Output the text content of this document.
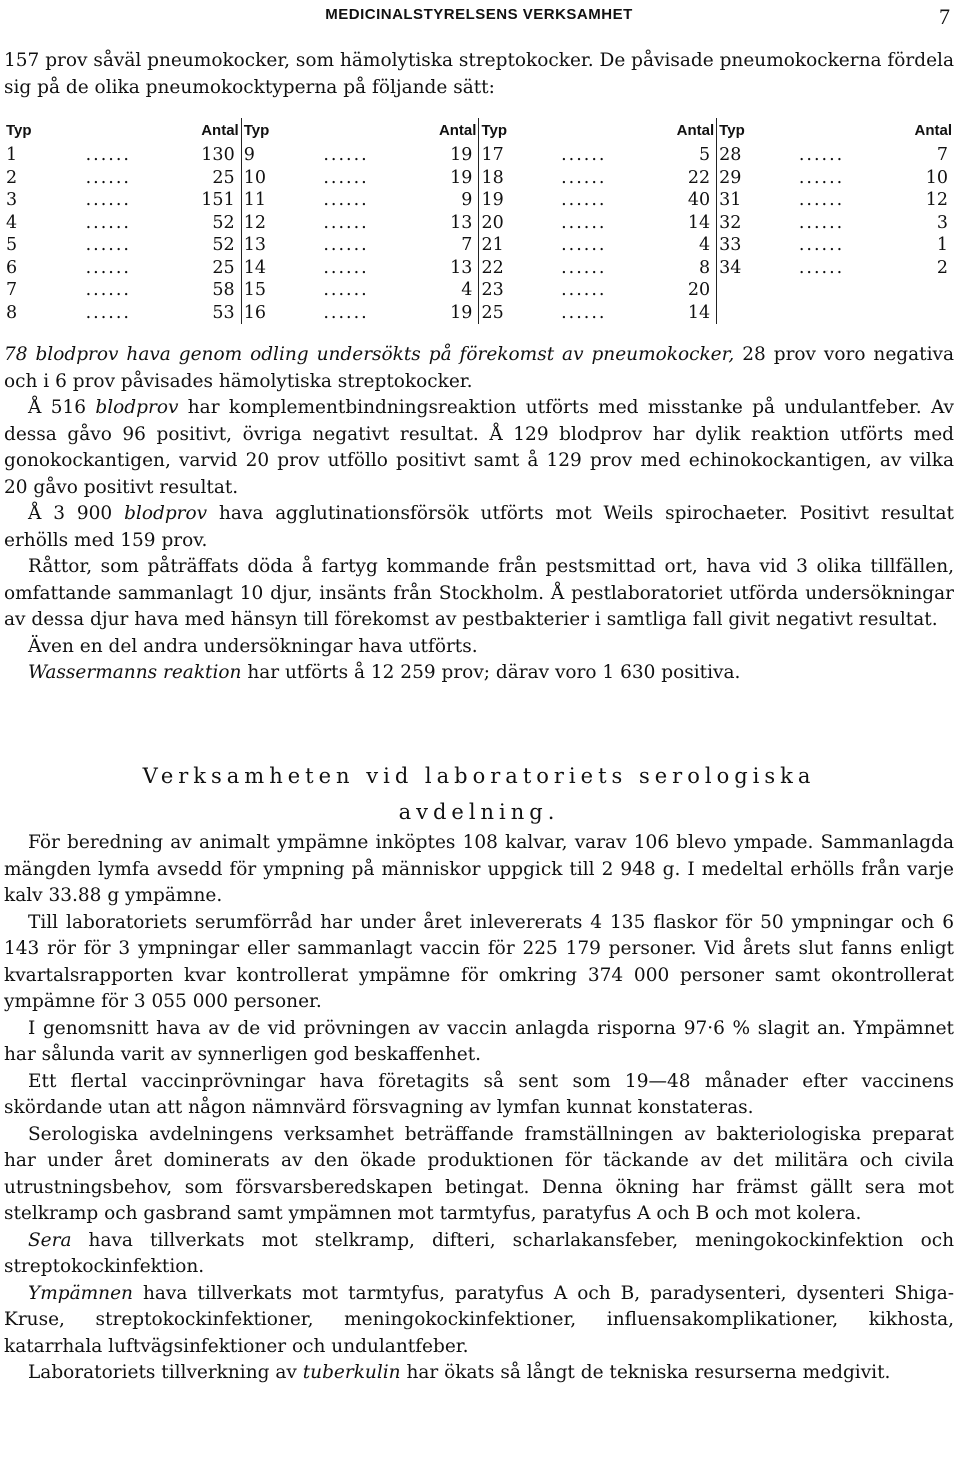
MEDICINALSTYRELSENS VERKSAMHET	7

157 prov såväl pneumokocker, som hämolytiska streptokocker. De påvisade pneumokockerna fördela sig på de olika pneumokocktyperna på följande sätt:

Typ		Antal	Typ		Antal	Typ		Antal	Typ		Antal
1	......	130	9	......	19	17	......	5	28	......	7
2	......	25	10	......	19	18	......	22	29	......	10
3	......	151	11	......	9	19	......	40	31	......	12
4	......	52	12	......	13	20	......	14	32	......	3
5	......	52	13	......	7	21	......	4	33	......	1
6	......	25	14	......	13	22	......	8	34	......	2
7	......	58	15	......	4	23	......	20			
8	......	53	16	......	19	25	......	14			

78 blodprov hava genom odling undersökts på förekomst av pneumokocker, 28 prov voro negativa och i 6 prov påvisades hämolytiska streptokocker.

Å 516 blodprov har komplementbindningsreaktion utförts med misstanke på undulantfeber. Av dessa gåvo 96 positivt, övriga negativt resultat. Å 129 blodprov har dylik reaktion utförts med gonokockantigen, varvid 20 prov utföllo positivt samt å 129 prov med echinokockantigen, av vilka 20 gåvo positivt resultat.

Å 3 900 blodprov hava agglutinationsförsök utförts mot Weils spirochaeter. Positivt resultat erhölls med 159 prov.

Råttor, som påträffats döda å fartyg kommande från pestsmittad ort, hava vid 3 olika tillfällen, omfattande sammanlagt 10 djur, insänts från Stockholm. Å pestlaboratoriet utförda undersökningar av dessa djur hava med hänsyn till förekomst av pestbakterier i samtliga fall givit negativt resultat.

Även en del andra undersökningar hava utförts.

Wassermanns reaktion har utförts å 12 259 prov; därav voro 1 630 positiva.

Verksamheten vid laboratoriets serologiska

avdelning.

För beredning av animalt ympämne inköptes 108 kalvar, varav 106 blevo ympade. Sammanlagda mängden lymfa avsedd för ympning på människor uppgick till 2 948 g. I medeltal erhölls från varje kalv 33.88 g ympämne.

Till laboratoriets serumförråd har under året inlevererats 4 135 flaskor för 50 ympningar och 6 143 rör för 3 ympningar eller sammanlagt vaccin för 225 179 personer. Vid årets slut fanns enligt kvartalsrapporten kvar kontrollerat ympämne för omkring 374 000 personer samt okontrollerat ympämne för 3 055 000 personer.

I genomsnitt hava av de vid prövningen av vaccin anlagda risporna 97·6 % slagit an. Ympämnet har sålunda varit av synnerligen god beskaffenhet.

Ett flertal vaccinprövningar hava företagits så sent som 19—48 månader efter vaccinens skördande utan att någon nämnvärd försvagning av lymfan kunnat konstateras.

Serologiska avdelningens verksamhet beträffande framställningen av bakteriologiska preparat har under året dominerats av den ökade produktionen för täckande av det militära och civila utrustningsbehov, som försvarsberedskapen betingat. Denna ökning har främst gällt sera mot stelkramp och gasbrand samt ympämnen mot tarmtyfus, paratyfus A och B och mot kolera.

Sera hava tillverkats mot stelkramp, difteri, scharlakansfeber, meningokockinfektion och streptokockinfektion.

Ympämnen hava tillverkats mot tarmtyfus, paratyfus A och B, paradysenteri, dysenteri Shiga-Kruse, streptokockinfektioner, meningokockinfektioner, influensakomplikationer, kikhosta, katarrhala luftvägsinfektioner och undulantfeber.

Laboratoriets tillverkning av tuberkulin har ökats så långt de tekniska resurserna medgivit.
